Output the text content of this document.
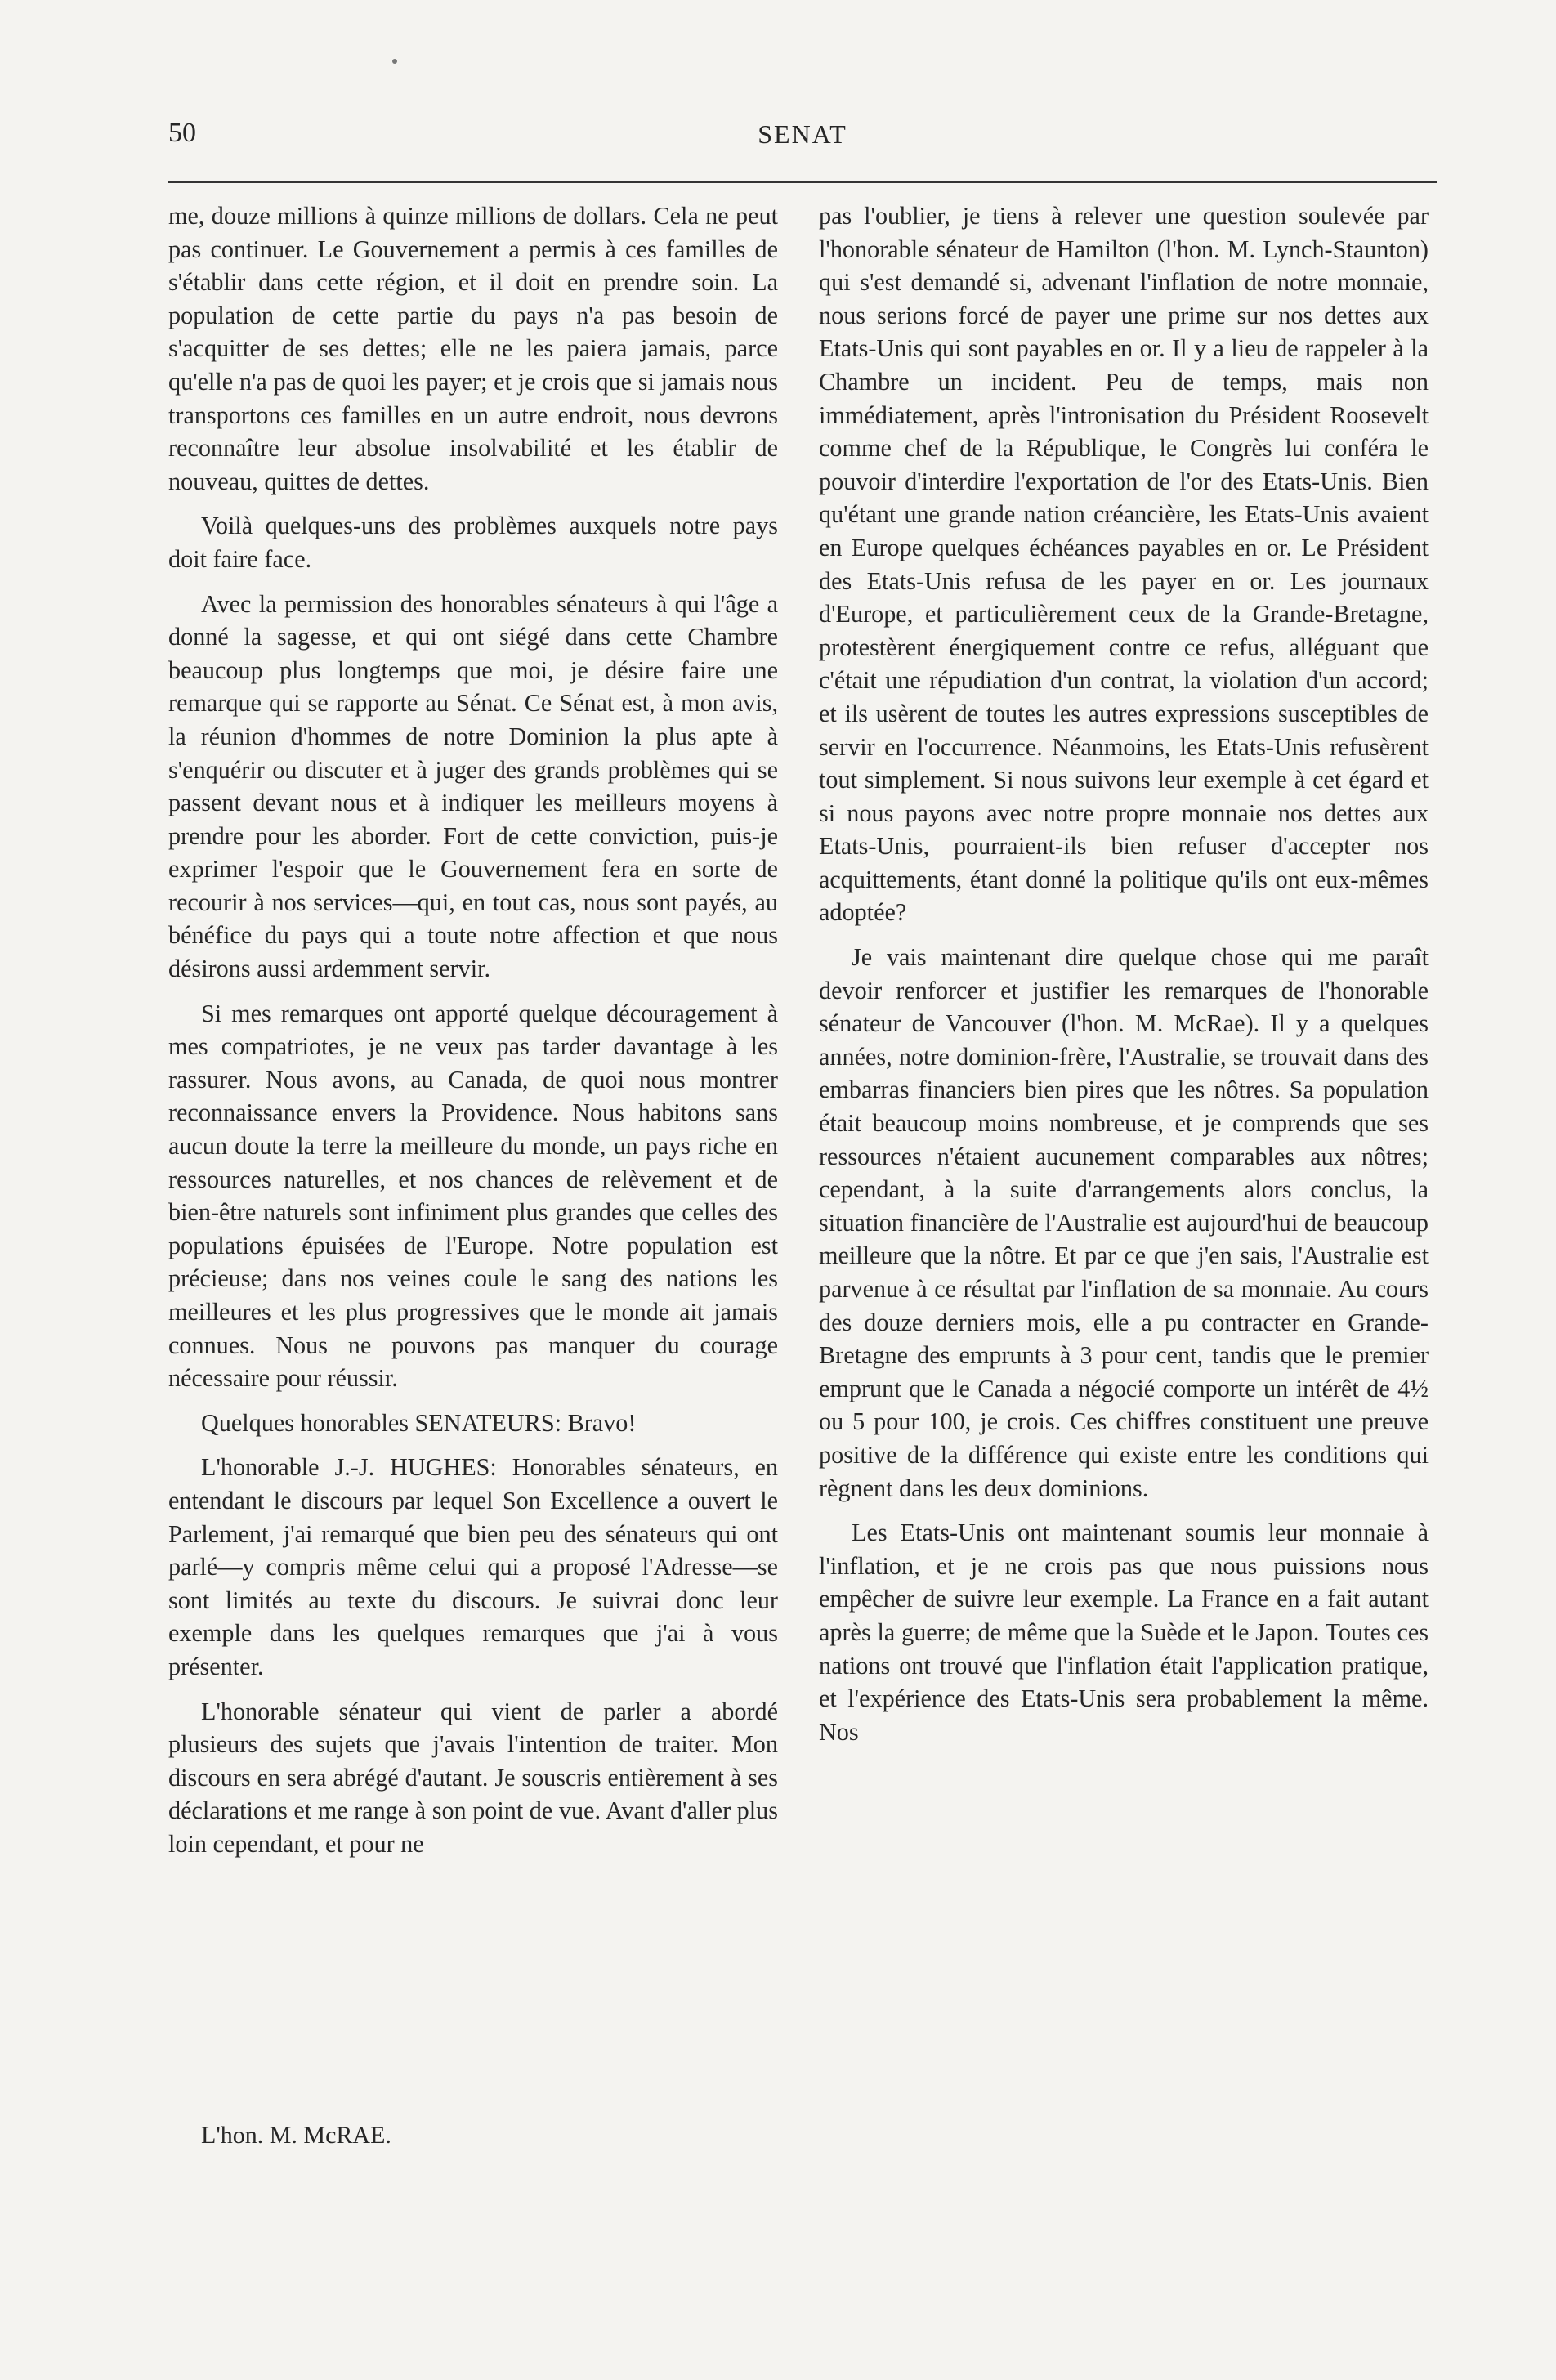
50	SENAT

me, douze millions à quinze millions de dollars. Cela ne peut pas continuer. Le Gouvernement a permis à ces familles de s'établir dans cette région, et il doit en prendre soin. La population de cette partie du pays n'a pas besoin de s'acquitter de ses dettes; elle ne les paiera jamais, parce qu'elle n'a pas de quoi les payer; et je crois que si jamais nous transportons ces familles en un autre endroit, nous devrons reconnaître leur absolue insolvabilité et les établir de nouveau, quittes de dettes.

Voilà quelques-uns des problèmes auxquels notre pays doit faire face.

Avec la permission des honorables sénateurs à qui l'âge a donné la sagesse, et qui ont siégé dans cette Chambre beaucoup plus longtemps que moi, je désire faire une remarque qui se rapporte au Sénat. Ce Sénat est, à mon avis, la réunion d'hommes de notre Dominion la plus apte à s'enquérir ou discuter et à juger des grands problèmes qui se passent devant nous et à indiquer les meilleurs moyens à prendre pour les aborder. Fort de cette conviction, puis-je exprimer l'espoir que le Gouvernement fera en sorte de recourir à nos services—qui, en tout cas, nous sont payés, au bénéfice du pays qui a toute notre affection et que nous désirons aussi ardemment servir.

Si mes remarques ont apporté quelque découragement à mes compatriotes, je ne veux pas tarder davantage à les rassurer. Nous avons, au Canada, de quoi nous montrer reconnaissance envers la Providence. Nous habitons sans aucun doute la terre la meilleure du monde, un pays riche en ressources naturelles, et nos chances de relèvement et de bien-être naturels sont infiniment plus grandes que celles des populations épuisées de l'Europe. Notre population est précieuse; dans nos veines coule le sang des nations les meilleures et les plus progressives que le monde ait jamais connues. Nous ne pouvons pas manquer du courage nécessaire pour réussir.

Quelques honorables SENATEURS: Bravo!

L'honorable J.-J. HUGHES: Honorables sénateurs, en entendant le discours par lequel Son Excellence a ouvert le Parlement, j'ai remarqué que bien peu des sénateurs qui ont parlé—y compris même celui qui a proposé l'Adresse—se sont limités au texte du discours. Je suivrai donc leur exemple dans les quelques remarques que j'ai à vous présenter.

L'honorable sénateur qui vient de parler a abordé plusieurs des sujets que j'avais l'intention de traiter. Mon discours en sera abrégé d'autant. Je souscris entièrement à ses déclarations et me range à son point de vue. Avant d'aller plus loin cependant, et pour ne

L'hon. M. McRAE.

pas l'oublier, je tiens à relever une question soulevée par l'honorable sénateur de Hamilton (l'hon. M. Lynch-Staunton) qui s'est demandé si, advenant l'inflation de notre monnaie, nous serions forcé de payer une prime sur nos dettes aux Etats-Unis qui sont payables en or. Il y a lieu de rappeler à la Chambre un incident. Peu de temps, mais non immédiatement, après l'intronisation du Président Roosevelt comme chef de la République, le Congrès lui conféra le pouvoir d'interdire l'exportation de l'or des Etats-Unis. Bien qu'étant une grande nation créancière, les Etats-Unis avaient en Europe quelques échéances payables en or. Le Président des Etats-Unis refusa de les payer en or. Les journaux d'Europe, et particulièrement ceux de la Grande-Bretagne, protestèrent énergiquement contre ce refus, alléguant que c'était une répudiation d'un contrat, la violation d'un accord; et ils usèrent de toutes les autres expressions susceptibles de servir en l'occurrence. Néanmoins, les Etats-Unis refusèrent tout simplement. Si nous suivons leur exemple à cet égard et si nous payons avec notre propre monnaie nos dettes aux Etats-Unis, pourraient-ils bien refuser d'accepter nos acquittements, étant donné la politique qu'ils ont eux-mêmes adoptée?

Je vais maintenant dire quelque chose qui me paraît devoir renforcer et justifier les remarques de l'honorable sénateur de Vancouver (l'hon. M. McRae). Il y a quelques années, notre dominion-frère, l'Australie, se trouvait dans des embarras financiers bien pires que les nôtres. Sa population était beaucoup moins nombreuse, et je comprends que ses ressources n'étaient aucunement comparables aux nôtres; cependant, à la suite d'arrangements alors conclus, la situation financière de l'Australie est aujourd'hui de beaucoup meilleure que la nôtre. Et par ce que j'en sais, l'Australie est parvenue à ce résultat par l'inflation de sa monnaie. Au cours des douze derniers mois, elle a pu contracter en Grande-Bretagne des emprunts à 3 pour cent, tandis que le premier emprunt que le Canada a négocié comporte un intérêt de 4½ ou 5 pour 100, je crois. Ces chiffres constituent une preuve positive de la différence qui existe entre les conditions qui règnent dans les deux dominions.

Les Etats-Unis ont maintenant soumis leur monnaie à l'inflation, et je ne crois pas que nous puissions nous empêcher de suivre leur exemple. La France en a fait autant après la guerre; de même que la Suède et le Japon. Toutes ces nations ont trouvé que l'inflation était l'application pratique, et l'expérience des Etats-Unis sera probablement la même. Nos
